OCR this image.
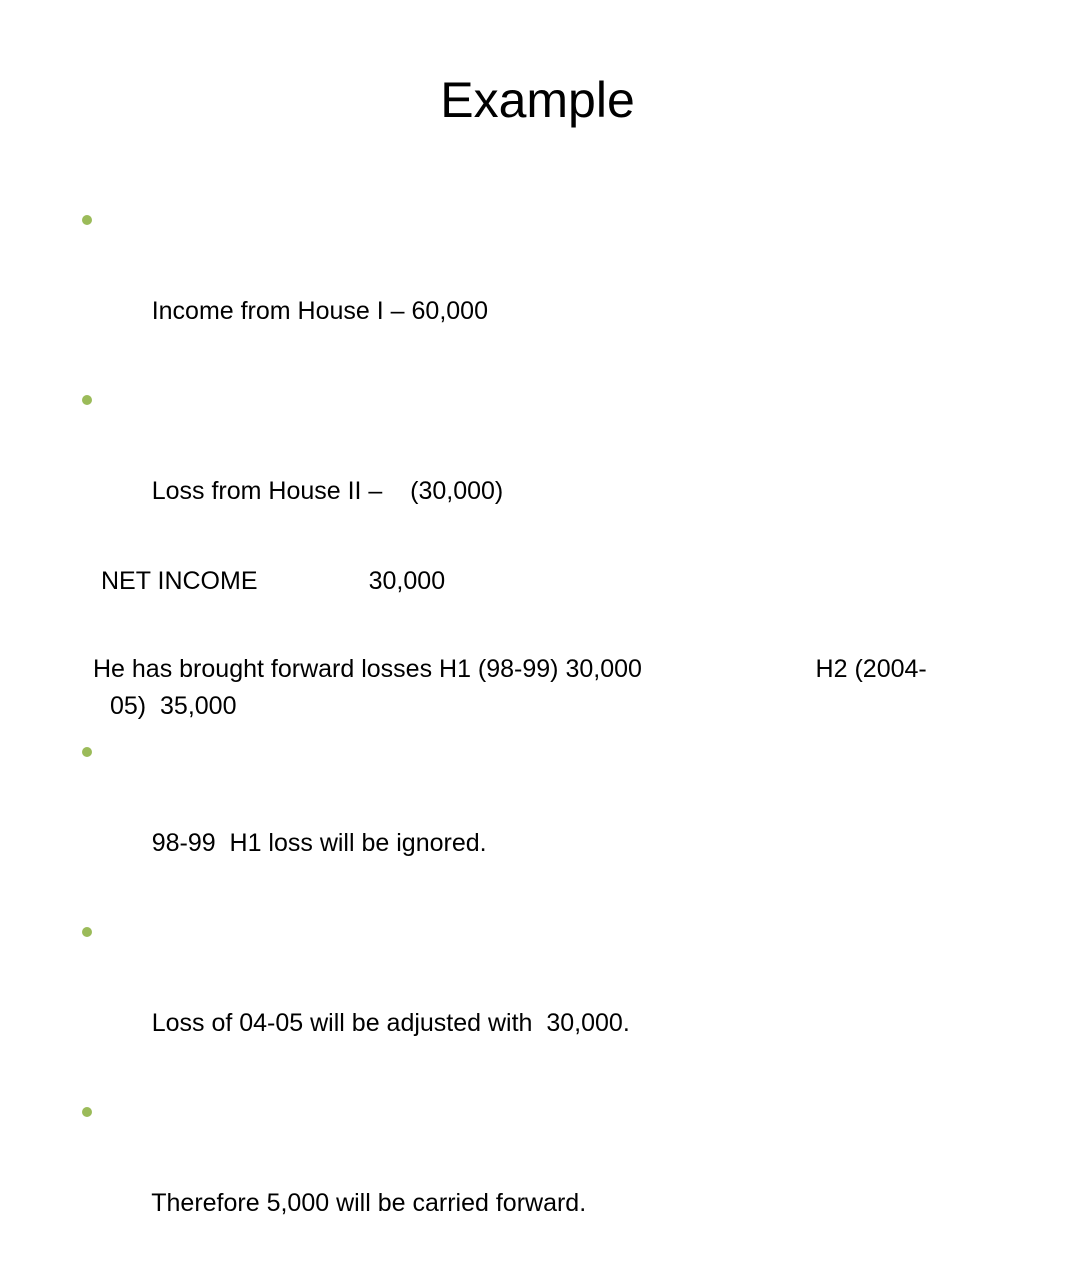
Example

Income from House I – 60,000

Loss from House II –    (30,000)

NET INCOME                30,000
He has brought forward losses H1 (98-99) 30,000                         H2 (2004-05)  35,000

98-99  H1 loss will be ignored.

Loss of 04-05 will be adjusted with  30,000.

Therefore 5,000 will be carried forward.
